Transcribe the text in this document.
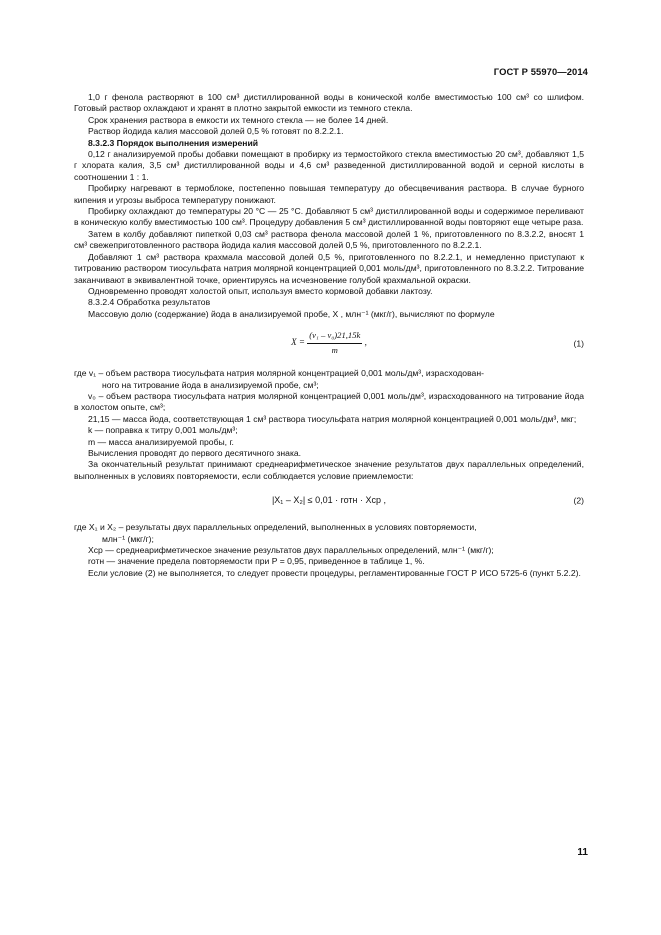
ГОСТ Р 55970—2014

1,0 г фенола растворяют в 100 см³ дистиллированной воды в конической колбе вместимостью 100 см³ со шлифом. Готовый раствор охлаждают и хранят в плотно закрытой емкости из темного стекла.

Срок хранения раствора в емкости их темного стекла — не более 14 дней.

Раствор йодида калия массовой долей 0,5 % готовят по 8.2.2.1.

8.3.2.3 Порядок выполнения измерений

0,12 г анализируемой пробы добавки помещают в пробирку из термостойкого стекла вместимостью 20 см³, добавляют 1,5 г хлората калия, 3,5 см³ дистиллированной воды и 4,6 см³ разведенной дистиллированной водой и серной кислоты в соотношении 1 : 1.

Пробирку нагревают в термоблоке, постепенно повышая температуру до обесцвечивания раствора. В случае бурного кипения и угрозы выброса температуру понижают.

Пробирку охлаждают до температуры 20 °С — 25 °С. Добавляют 5 см³ дистиллированной воды и содержимое переливают в коническую колбу вместимостью 100 см³. Процедуру добавления 5 см³ дистиллированной воды повторяют еще четыре раза.

Затем в колбу добавляют пипеткой 0,03 см³ раствора фенола массовой долей 1 %, приготовленного по 8.3.2.2, вносят 1 см³ свежеприготовленного раствора йодида калия массовой долей 0,5 %, приготовленного по 8.2.2.1.

Добавляют 1 см³ раствора крахмала массовой долей 0,5 %, приготовленного по 8.2.2.1, и немедленно приступают к титрованию раствором тиосульфата натрия молярной концентрацией 0,001 моль/дм³, приготовленного по 8.3.2.2. Титрование заканчивают в эквивалентной точке, ориентируясь на исчезновение голубой крахмальной окраски.

Одновременно проводят холостой опыт, используя вместо кормовой добавки лактозу.

8.3.2.4 Обработка результатов

Массовую долю (содержание) йода в анализируемой пробе, X , млн⁻¹ (мкг/г), вычисляют по формуле

$X = \frac{\text{(v₁ – v₀)21,15k}}{m}$ ,	(1)

где v₁ – объем раствора тиосульфата натрия молярной концентрацией 0,001 моль/дм³, израсходован-

ного на титрование йода в анализируемой пробе, см³;

v₀ – объем раствора тиосульфата натрия молярной концентрацией 0,001 моль/дм³, израсходованного на титрование йода в холостом опыте, см³;

21,15 — масса йода, соответствующая 1 см³ раствора тиосульфата натрия молярной концентрацией 0,001 моль/дм³, мкг;

k — поправка к титру 0,001 моль/дм³;

m — масса анализируемой пробы, г.

Вычисления проводят до первого десятичного знака.

За окончательный результат принимают среднеарифметическое значение результатов двух параллельных определений, выполненных в условиях повторяемости, если соблюдается условие приемлемости:

|X₁ – X₂| ≤ 0,01 · rотн · Xср ,	(2)

где X₁ и X₂ – результаты двух параллельных определений, выполненных в условиях повторяемости,

млн⁻¹ (мкг/г);

Xср — среднеарифметическое значение результатов двух параллельных определений, млн⁻¹ (мкг/г);

rотн — значение предела повторяемости при P = 0,95, приведенное в таблице 1, %.

Если условие (2) не выполняется, то следует провести процедуры, регламентированные ГОСТ Р ИСО 5725-6 (пункт 5.2.2).

11
